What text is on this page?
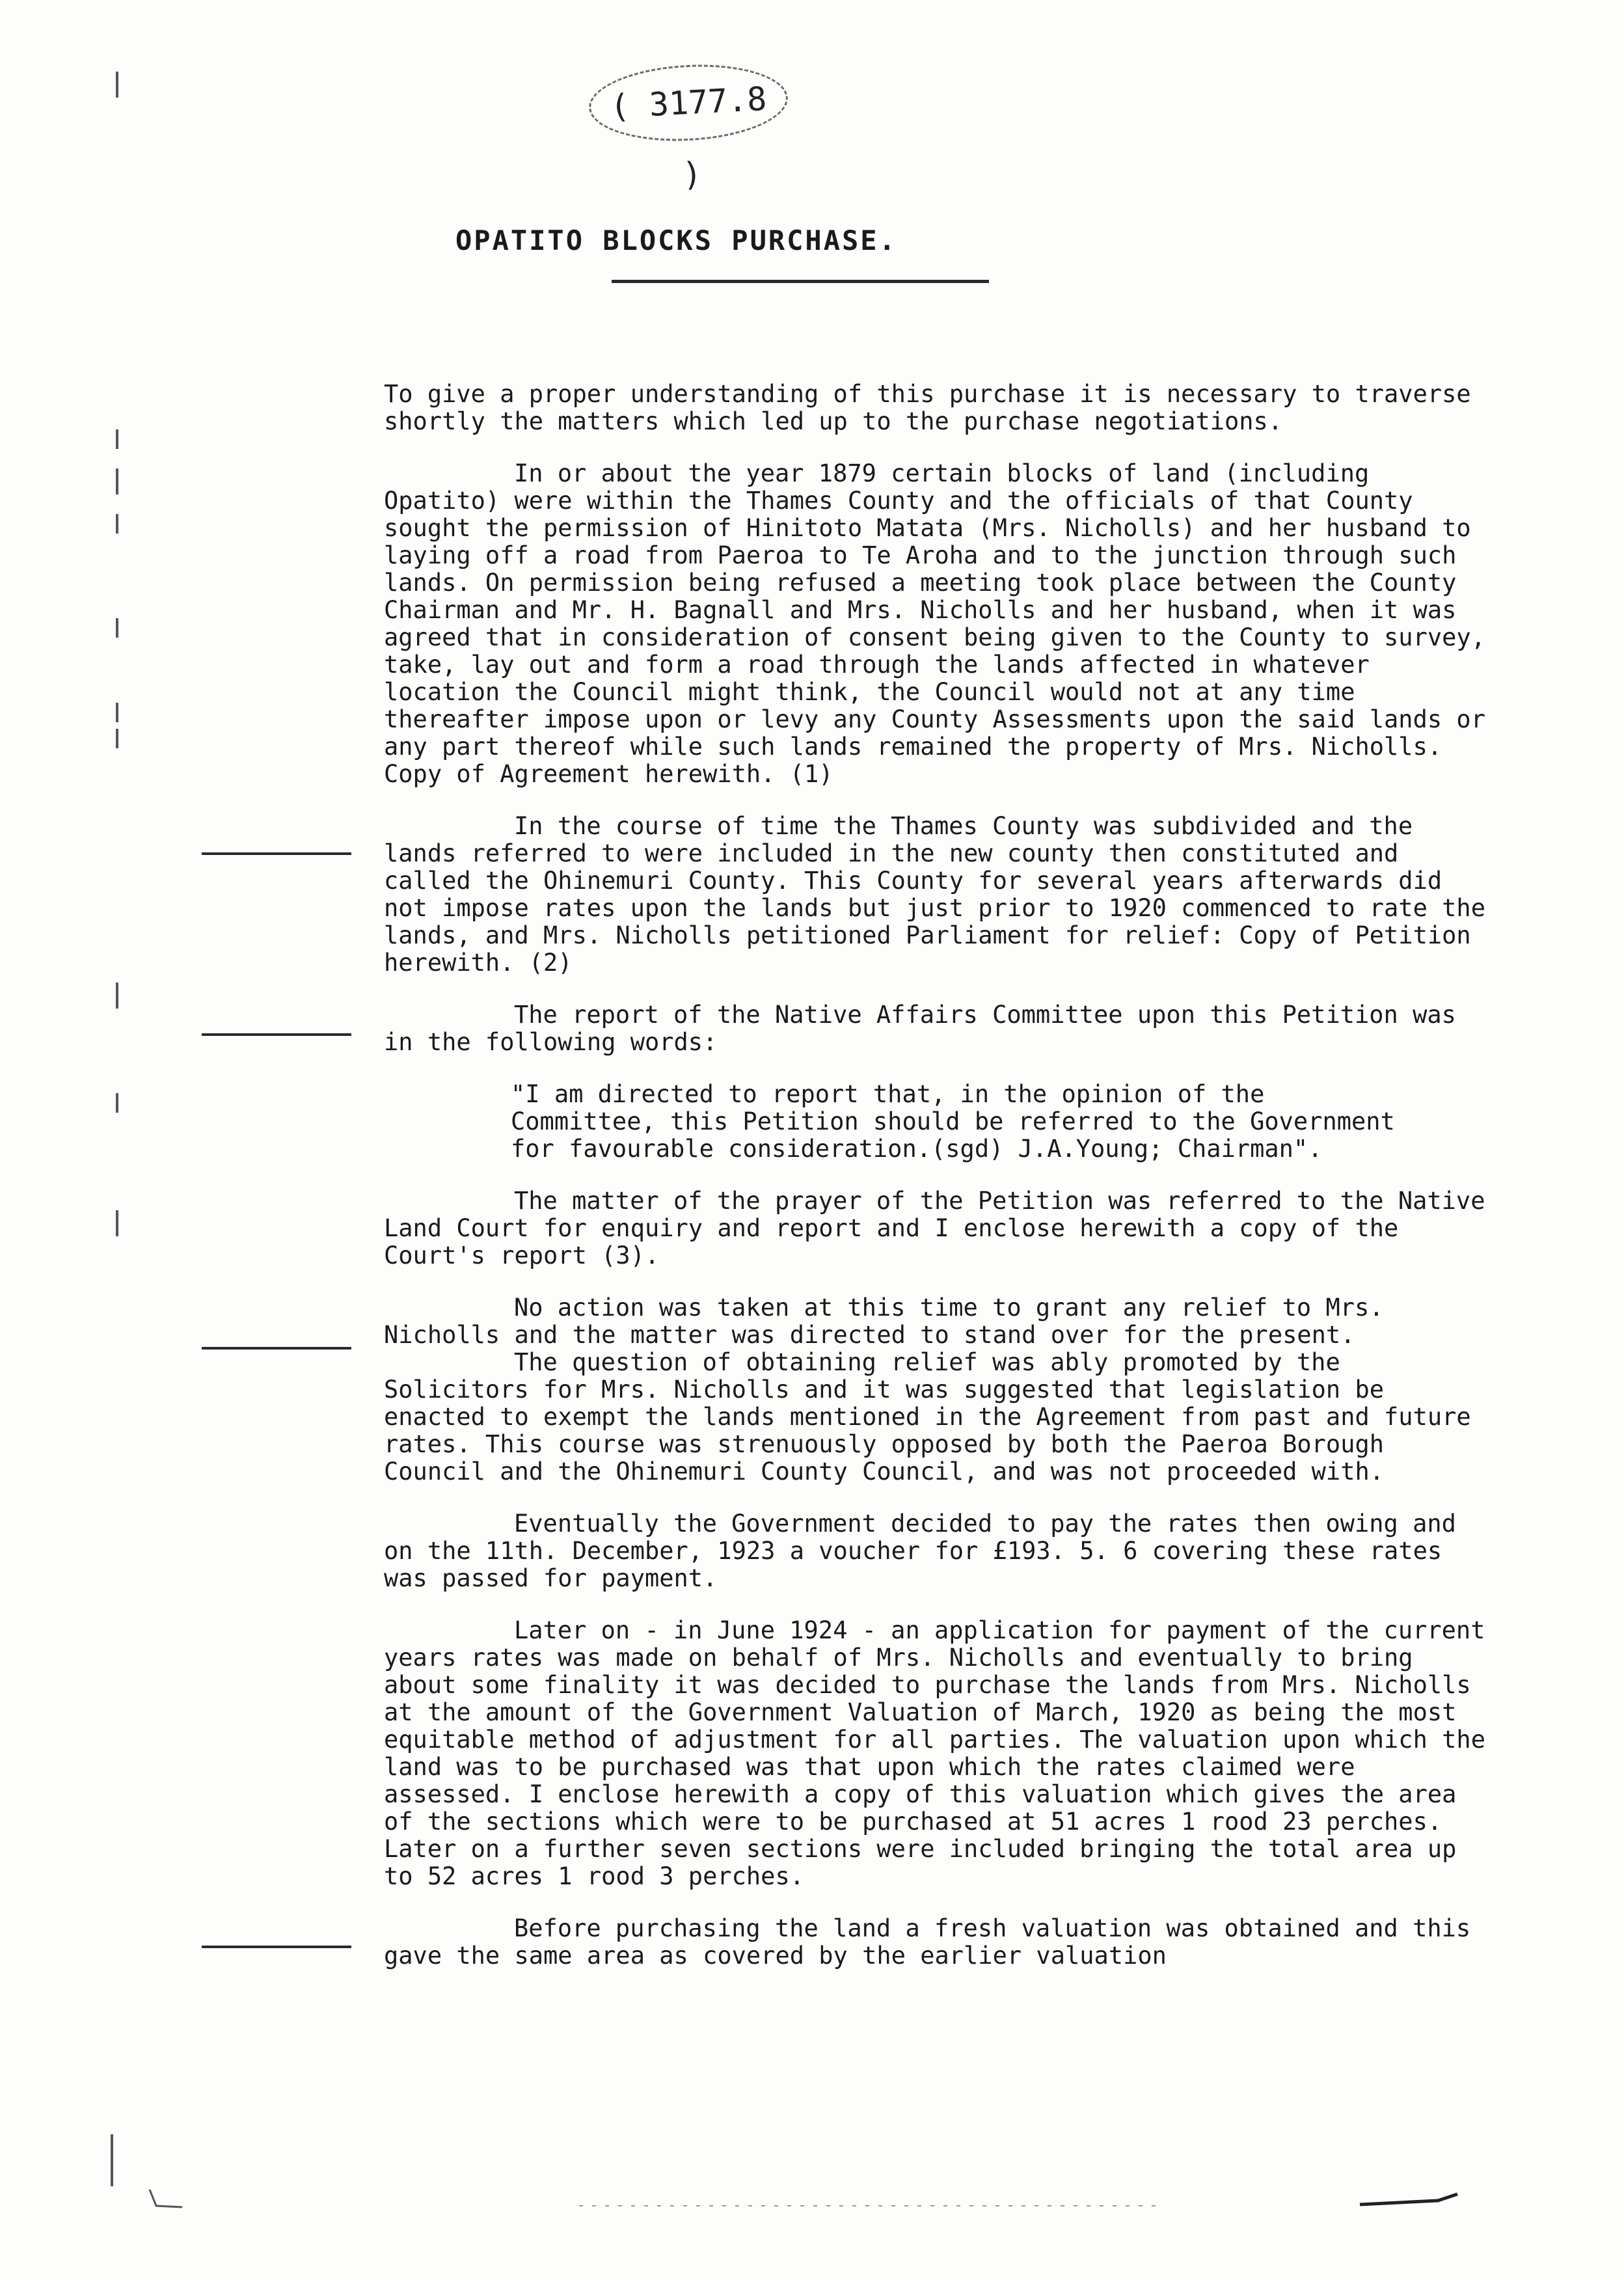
( 3177.8 )
OPATITO BLOCKS PURCHASE.

To give a proper understanding of this purchase it is necessary to traverse shortly the matters which led up to the purchase negotiations.

In or about the year 1879 certain blocks of land (including Opatito) were within the Thames County and the officials of that County sought the permission of Hinitoto Matata (Mrs. Nicholls) and her husband to laying off a road from Paeroa to Te Aroha and to the junction through such lands. On permission being refused a meeting took place between the County Chairman and Mr. H. Bagnall and Mrs. Nicholls and her husband, when it was agreed that in consideration of consent being given to the County to survey, take, lay out and form a road through the lands affected in whatever location the Council might think, the Council would not at any time thereafter impose upon or levy any County Assessments upon the said lands or any part thereof while such lands remained the property of Mrs. Nicholls. Copy of Agreement herewith. (1)

In the course of time the Thames County was subdivided and the lands referred to were included in the new county then constituted and called the Ohinemuri County. This County for several years afterwards did not impose rates upon the lands but just prior to 1920 commenced to rate the lands, and Mrs. Nicholls petitioned Parliament for relief: Copy of Petition herewith. (2)

The report of the Native Affairs Committee upon this Petition was in the following words:

"I am directed to report that, in the opinion of the Committee, this Petition should be referred to the Government for favourable consideration.(sgd) J.A.Young; Chairman".

The matter of the prayer of the Petition was referred to the Native Land Court for enquiry and report and I enclose herewith a copy of the Court's report (3).

No action was taken at this time to grant any relief to Mrs. Nicholls and the matter was directed to stand over for the present.

The question of obtaining relief was ably promoted by the Solicitors for Mrs. Nicholls and it was suggested that legislation be enacted to exempt the lands mentioned in the Agreement from past and future rates. This course was strenuously opposed by both the Paeroa Borough Council and the Ohinemuri County Council, and was not proceeded with.

Eventually the Government decided to pay the rates then owing and on the 11th. December, 1923 a voucher for £193. 5. 6 covering these rates was passed for payment.

Later on - in June 1924 - an application for payment of the current years rates was made on behalf of Mrs. Nicholls and eventually to bring about some finality it was decided to purchase the lands from Mrs. Nicholls at the amount of the Government Valuation of March, 1920 as being the most equitable method of adjustment for all parties. The valuation upon which the land was to be purchased was that upon which the rates claimed were assessed. I enclose herewith a copy of this valuation which gives the area of the sections which were to be purchased at 51 acres 1 rood 23 perches. Later on a further seven sections were included bringing the total area up to 52 acres 1 rood 3 perches.

Before purchasing the land a fresh valuation was obtained and this gave the same area as covered by the earlier valuation
